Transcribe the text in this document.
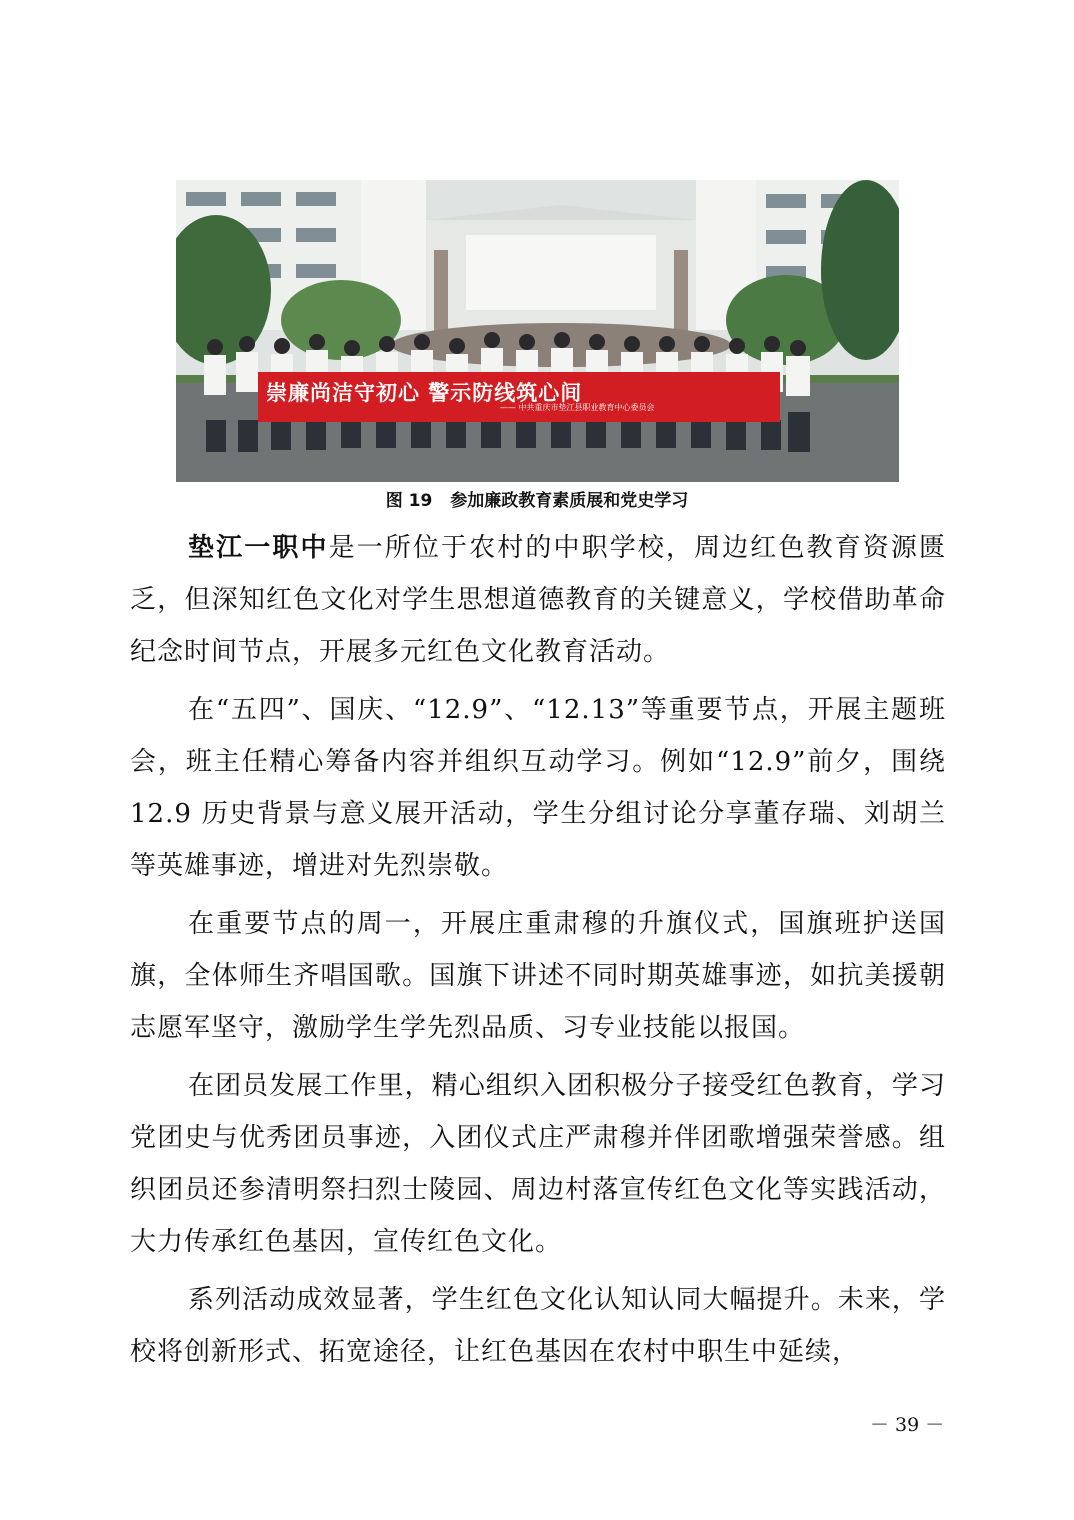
崇廉尚洁守初心 警示防线筑心间
—— 中共重庆市垫江县职业教育中心委员会
图 19 参加廉政教育素质展和党史学习

垫江一职中是一所位于农村的中职学校，周边红色教育资源匮乏，但深知红色文化对学生思想道德教育的关键意义，学校借助革命纪念时间节点，开展多元红色文化教育活动。

在“五四”、国庆、“12.9”、“12.13”等重要节点，开展主题班会，班主任精心筹备内容并组织互动学习。例如“12.9”前夕，围绕 12.9 历史背景与意义展开活动，学生分组讨论分享董存瑞、刘胡兰等英雄事迹，增进对先烈崇敬。

在重要节点的周一，开展庄重肃穆的升旗仪式，国旗班护送国旗，全体师生齐唱国歌。国旗下讲述不同时期英雄事迹，如抗美援朝志愿军坚守，激励学生学先烈品质、习专业技能以报国。

在团员发展工作里，精心组织入团积极分子接受红色教育，学习党团史与优秀团员事迹，入团仪式庄严肃穆并伴团歌增强荣誉感。组织团员还参清明祭扫烈士陵园、周边村落宣传红色文化等实践活动，大力传承红色基因，宣传红色文化。

系列活动成效显著，学生红色文化认知认同大幅提升。未来，学校将创新形式、拓宽途径，让红色基因在农村中职生中延续，

－ 39 －
